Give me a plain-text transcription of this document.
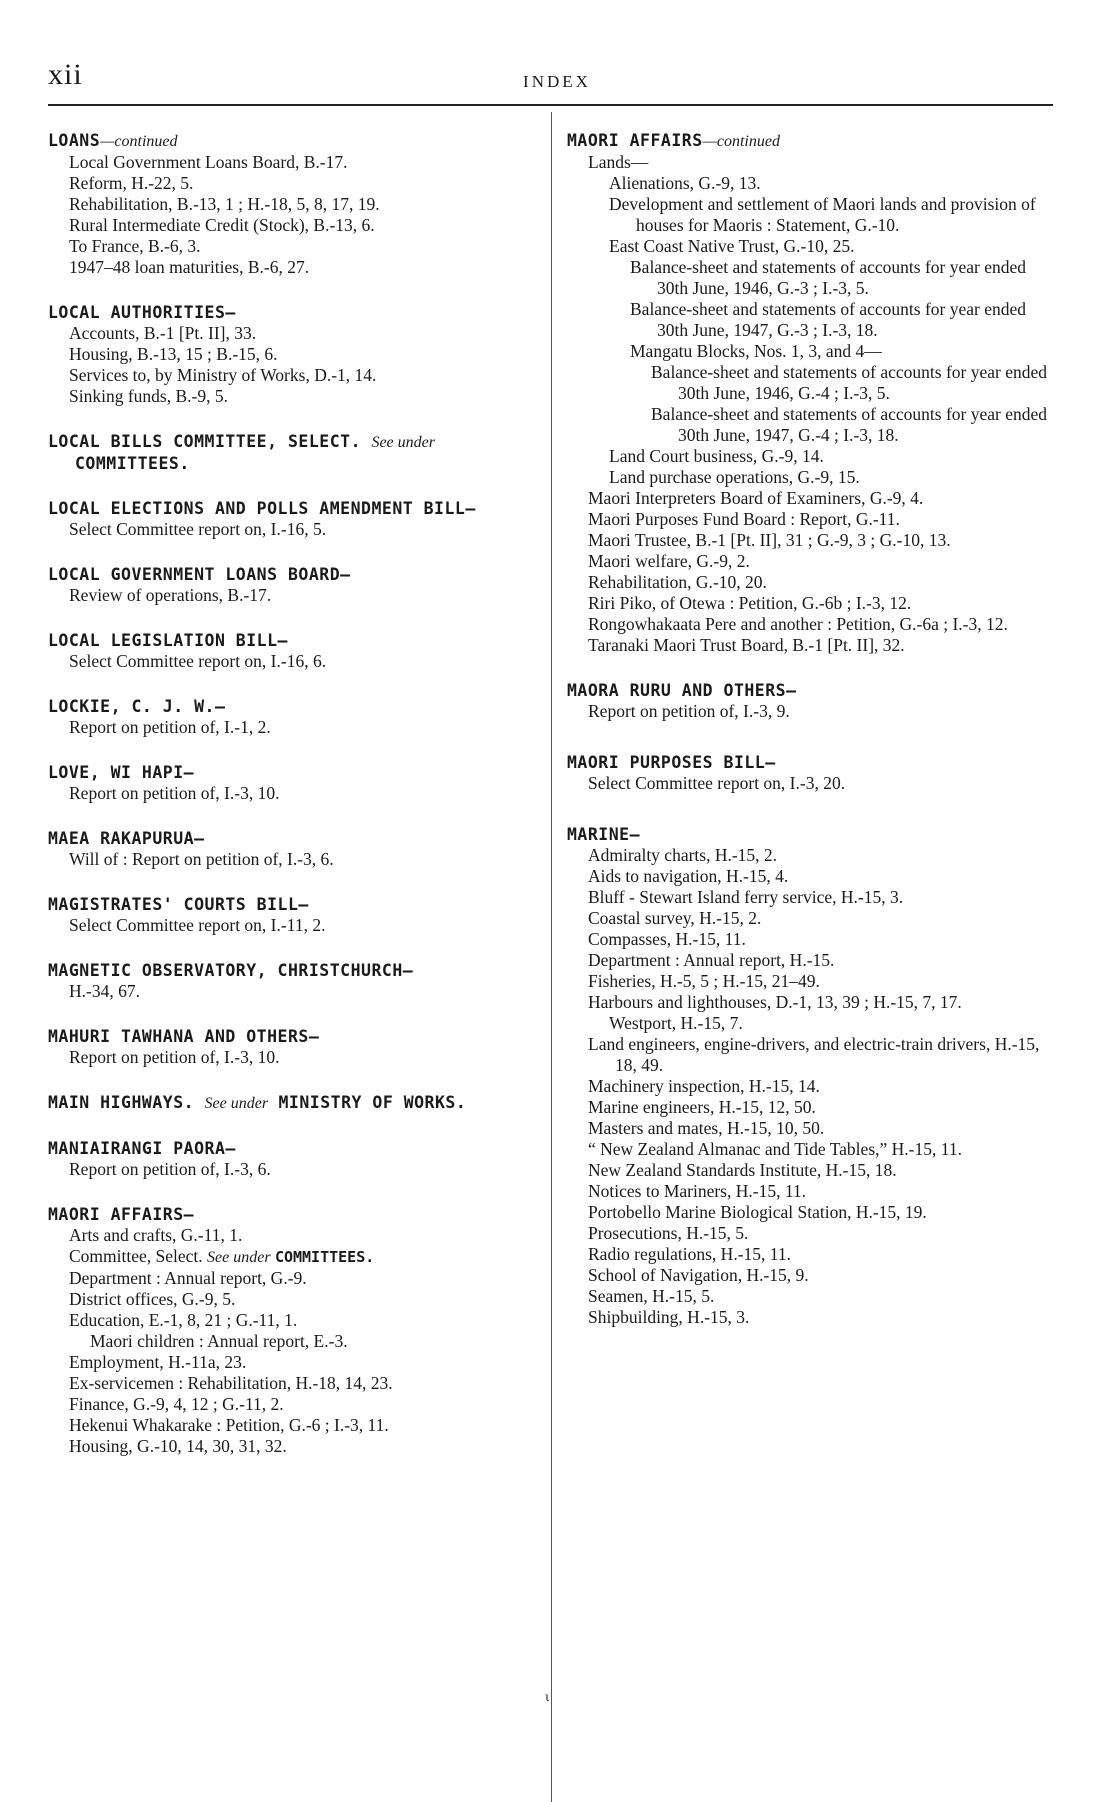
xii	INDEX
LOANS—continued
Local Government Loans Board, B.-17.
Reform, H.-22, 5.
Rehabilitation, B.-13, 1 ; H.-18, 5, 8, 17, 19.
Rural Intermediate Credit (Stock), B.-13, 6.
To France, B.-6, 3.
1947–48 loan maturities, B.-6, 27.
LOCAL AUTHORITIES—
Accounts, B.-1 [Pt. II], 33.
Housing, B.-13, 15 ; B.-15, 6.
Services to, by Ministry of Works, D.-1, 14.
Sinking funds, B.-9, 5.
LOCAL BILLS COMMITTEE, SELECT. See under COMMITTEES.
LOCAL ELECTIONS AND POLLS AMENDMENT BILL—
Select Committee report on, I.-16, 5.
LOCAL GOVERNMENT LOANS BOARD—
Review of operations, B.-17.
LOCAL LEGISLATION BILL—
Select Committee report on, I.-16, 6.
LOCKIE, C. J. W.—
Report on petition of, I.-1, 2.
LOVE, WI HAPI—
Report on petition of, I.-3, 10.
MAEA RAKAPURUA—
Will of : Report on petition of, I.-3, 6.
MAGISTRATES' COURTS BILL—
Select Committee report on, I.-11, 2.
MAGNETIC OBSERVATORY, CHRISTCHURCH—
H.-34, 67.
MAHURI TAWHANA AND OTHERS—
Report on petition of, I.-3, 10.
MAIN HIGHWAYS. See under MINISTRY OF WORKS.
MANIAIRANGI PAORA—
Report on petition of, I.-3, 6.
MAORI AFFAIRS—
Arts and crafts, G.-11, 1.
Committee, Select. See under COMMITTEES.
Department : Annual report, G.-9.
District offices, G.-9, 5.
Education, E.-1, 8, 21 ; G.-11, 1.
Maori children : Annual report, E.-3.
Employment, H.-11a, 23.
Ex-servicemen : Rehabilitation, H.-18, 14, 23.
Finance, G.-9, 4, 12 ; G.-11, 2.
Hekenui Whakarake : Petition, G.-6 ; I.-3, 11.
Housing, G.-10, 14, 30, 31, 32.
MAORI AFFAIRS—continued
Lands—
Alienations, G.-9, 13.
Development and settlement of Maori lands and provision of houses for Maoris : Statement, G.-10.
East Coast Native Trust, G.-10, 25.
Balance-sheet and statements of accounts for year ended 30th June, 1946, G.-3 ; I.-3, 5.
Balance-sheet and statements of accounts for year ended 30th June, 1947, G.-3 ; I.-3, 18.
Mangatu Blocks, Nos. 1, 3, and 4—
Balance-sheet and statements of accounts for year ended 30th June, 1946, G.-4 ; I.-3, 5.
Balance-sheet and statements of accounts for year ended 30th June, 1947, G.-4 ; I.-3, 18.
Land Court business, G.-9, 14.
Land purchase operations, G.-9, 15.
Maori Interpreters Board of Examiners, G.-9, 4.
Maori Purposes Fund Board : Report, G.-11.
Maori Trustee, B.-1 [Pt. II], 31 ; G.-9, 3 ; G.-10, 13.
Maori welfare, G.-9, 2.
Rehabilitation, G.-10, 20.
Riri Piko, of Otewa : Petition, G.-6b ; I.-3, 12.
Rongowhakaata Pere and another : Petition, G.-6a ; I.-3, 12.
Taranaki Maori Trust Board, B.-1 [Pt. II], 32.
MAORA RURU AND OTHERS—
Report on petition of, I.-3, 9.
MAORI PURPOSES BILL—
Select Committee report on, I.-3, 20.
MARINE—
Admiralty charts, H.-15, 2.
Aids to navigation, H.-15, 4.
Bluff - Stewart Island ferry service, H.-15, 3.
Coastal survey, H.-15, 2.
Compasses, H.-15, 11.
Department : Annual report, H.-15.
Fisheries, H.-5, 5 ; H.-15, 21–49.
Harbours and lighthouses, D.-1, 13, 39 ; H.-15, 7, 17.
Westport, H.-15, 7.
Land engineers, engine-drivers, and electric-train drivers, H.-15, 18, 49.
Machinery inspection, H.-15, 14.
Marine engineers, H.-15, 12, 50.
Masters and mates, H.-15, 10, 50.
“ New Zealand Almanac and Tide Tables,” H.-15, 11.
New Zealand Standards Institute, H.-15, 18.
Notices to Mariners, H.-15, 11.
Portobello Marine Biological Station, H.-15, 19.
Prosecutions, H.-15, 5.
Radio regulations, H.-15, 11.
School of Navigation, H.-15, 9.
Seamen, H.-15, 5.
Shipbuilding, H.-15, 3.
ι
